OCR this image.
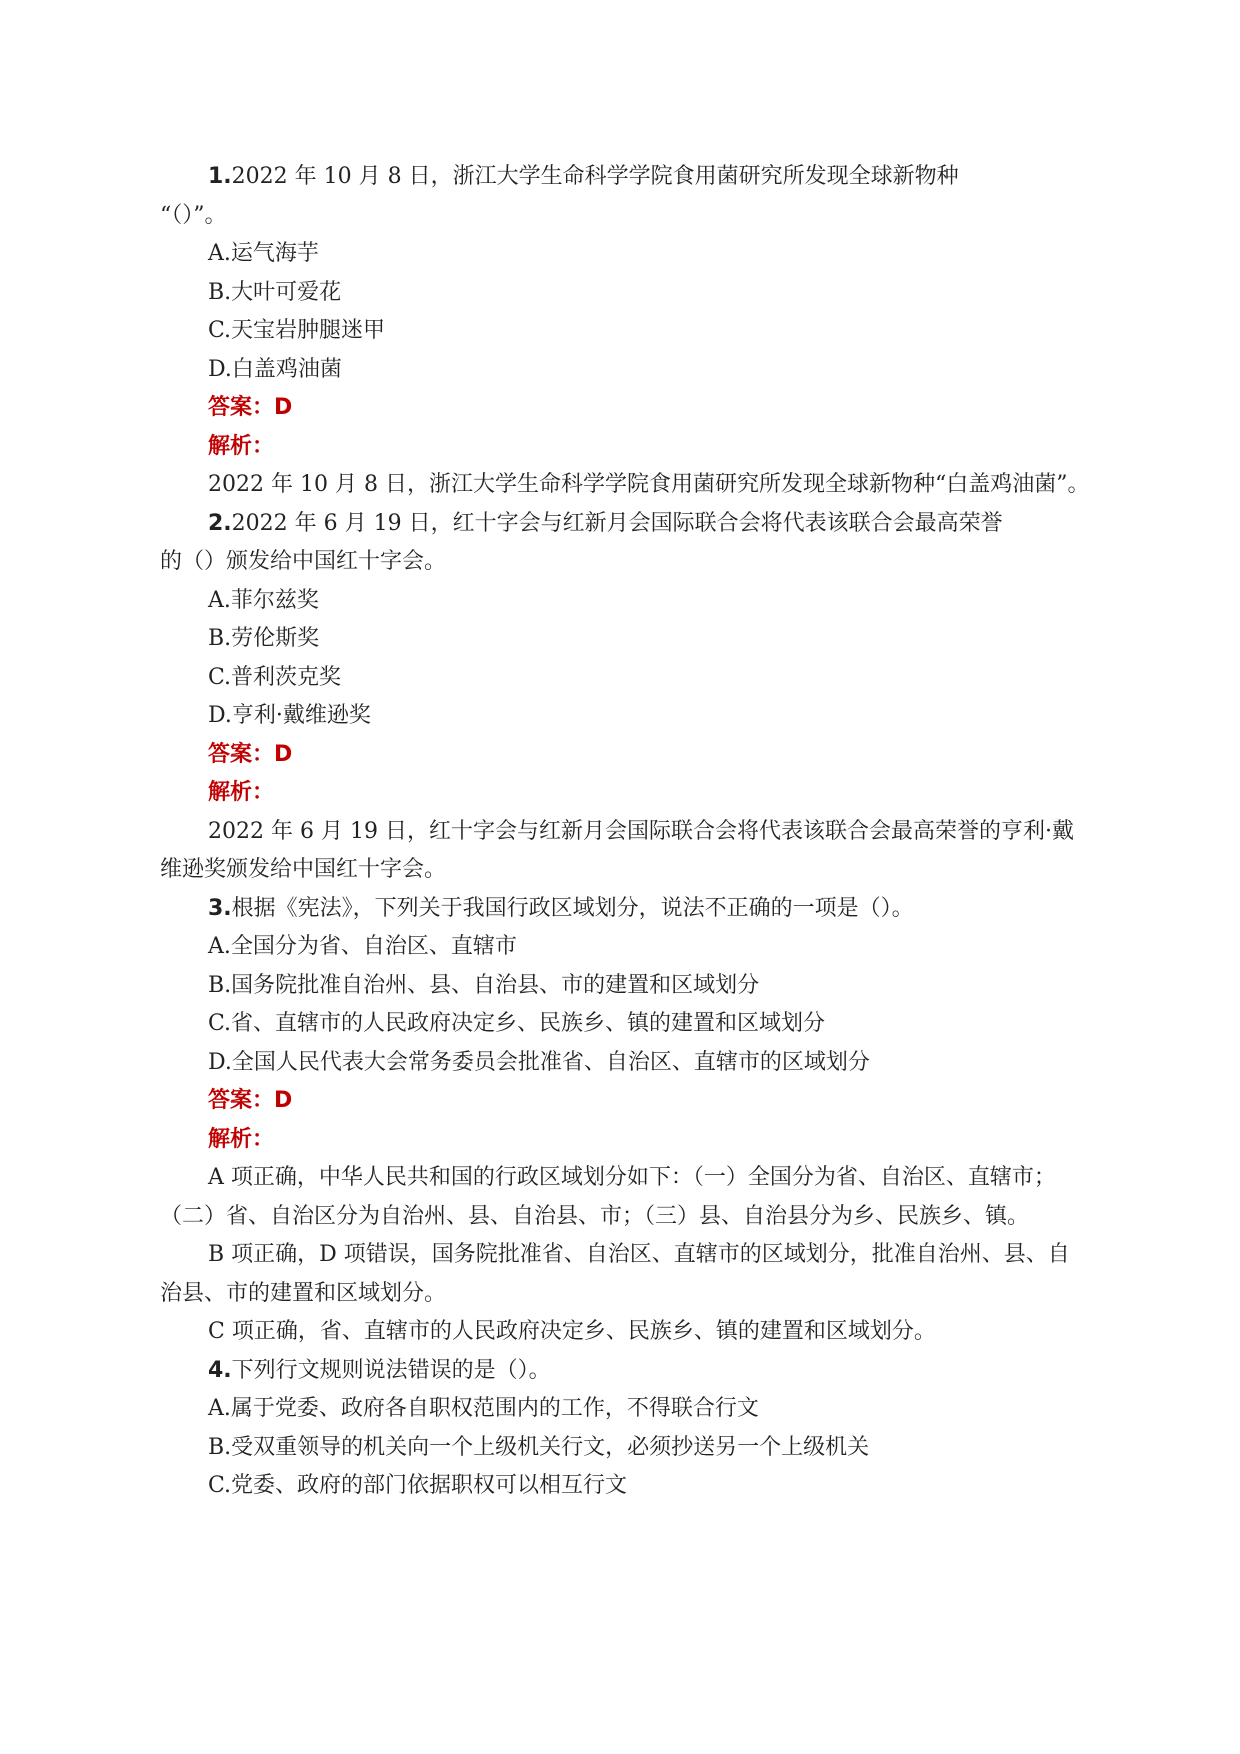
1.2022 年 10 月 8 日，浙江大学生命科学学院食用菌研究所发现全球新物种
“（）”。
A.运气海芋
B.大叶可爱花
C.天宝岩肿腿迷甲
D.白盖鸡油菌
答案：D
解析：
2022 年 10 月 8 日，浙江大学生命科学学院食用菌研究所发现全球新物种“白盖鸡油菌”。
2.2022 年 6 月 19 日，红十字会与红新月会国际联合会将代表该联合会最高荣誉
的（）颁发给中国红十字会。
A.菲尔兹奖
B.劳伦斯奖
C.普利茨克奖
D.亨利·戴维逊奖
答案：D
解析：
2022 年 6 月 19 日，红十字会与红新月会国际联合会将代表该联合会最高荣誉的亨利·戴维逊奖颁发给中国红十字会。
3.根据《宪法》，下列关于我国行政区域划分，说法不正确的一项是（）。
A.全国分为省、自治区、直辖市
B.国务院批准自治州、县、自治县、市的建置和区域划分
C.省、直辖市的人民政府决定乡、民族乡、镇的建置和区域划分
D.全国人民代表大会常务委员会批准省、自治区、直辖市的区域划分
答案：D
解析：
A 项正确，中华人民共和国的行政区域划分如下：（一）全国分为省、自治区、直辖市；（二）省、自治区分为自治州、县、自治县、市；（三）县、自治县分为乡、民族乡、镇。
B 项正确，D 项错误，国务院批准省、自治区、直辖市的区域划分，批准自治州、县、自治县、市的建置和区域划分。
C 项正确，省、直辖市的人民政府决定乡、民族乡、镇的建置和区域划分。
4.下列行文规则说法错误的是（）。
A.属于党委、政府各自职权范围内的工作，不得联合行文
B.受双重领导的机关向一个上级机关行文，必须抄送另一个上级机关
C.党委、政府的部门依据职权可以相互行文
